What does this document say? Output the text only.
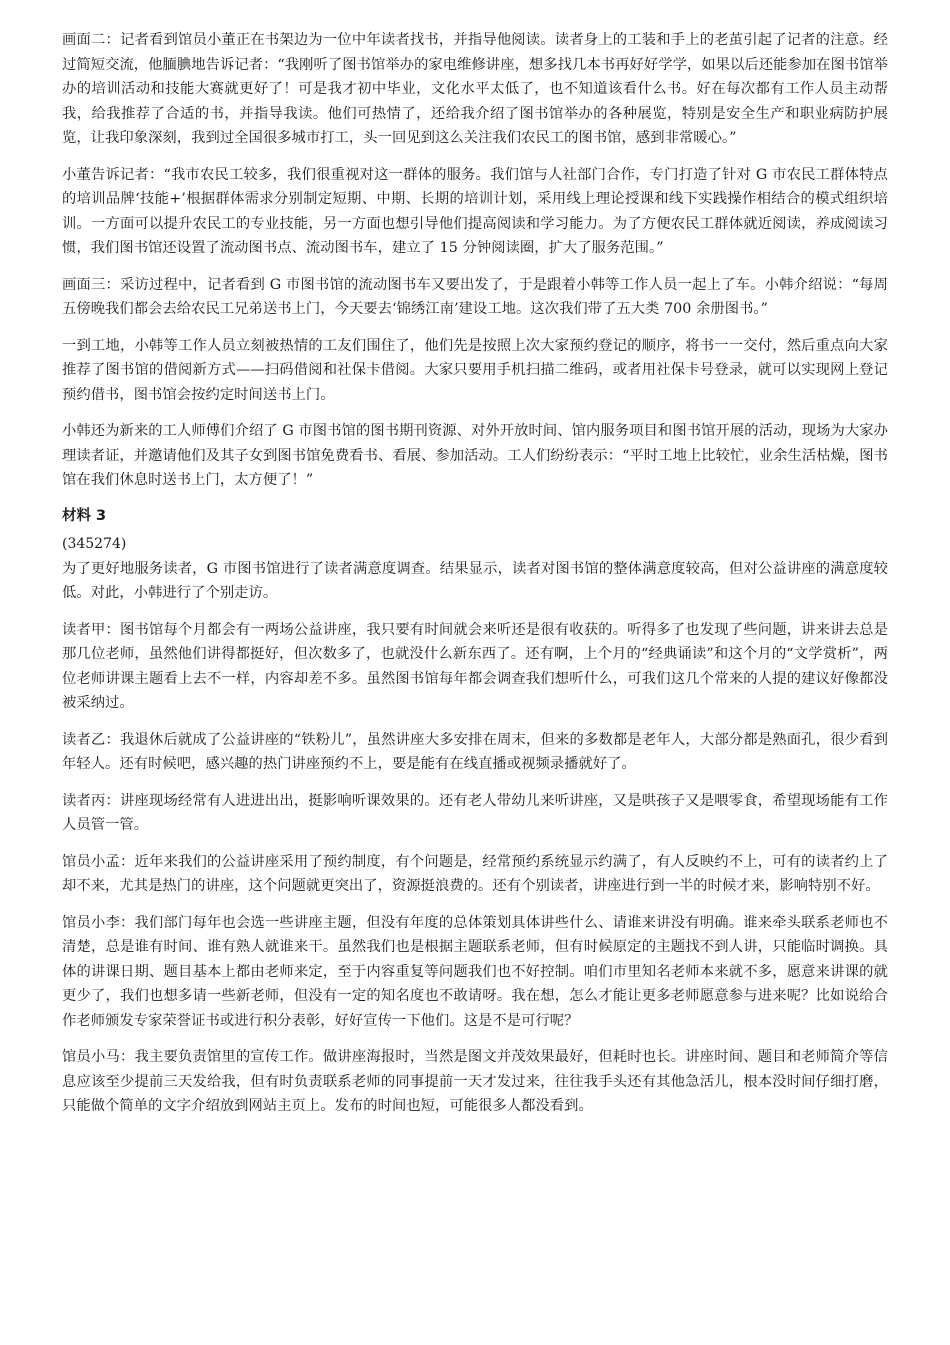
画面二：记者看到馆员小董正在书架边为一位中年读者找书，并指导他阅读。读者身上的工装和手上的老茧引起了记者的注意。经过简短交流，他腼腆地告诉记者：“我刚听了图书馆举办的家电维修讲座，想多找几本书再好好学学，如果以后还能参加在图书馆举办的培训活动和技能大赛就更好了！可是我才初中毕业，文化水平太低了，也不知道该看什么书。好在每次都有工作人员主动帮我，给我推荐了合适的书，并指导我读。他们可热情了，还给我介绍了图书馆举办的各种展览，特别是安全生产和职业病防护展览，让我印象深刻，我到过全国很多城市打工，头一回见到这么关注我们农民工的图书馆，感到非常暖心。”

小董告诉记者：“我市农民工较多，我们很重视对这一群体的服务。我们馆与人社部门合作，专门打造了针对 G 市农民工群体特点的培训品牌‘技能+’根据群体需求分别制定短期、中期、长期的培训计划，采用线上理论授课和线下实践操作相结合的模式组织培训。一方面可以提升农民工的专业技能，另一方面也想引导他们提高阅读和学习能力。为了方便农民工群体就近阅读，养成阅读习惯，我们图书馆还设置了流动图书点、流动图书车，建立了 15 分钟阅读圈，扩大了服务范围。”

画面三：采访过程中，记者看到 G 市图书馆的流动图书车又要出发了，于是跟着小韩等工作人员一起上了车。小韩介绍说：“每周五傍晚我们都会去给农民工兄弟送书上门，今天要去‘锦绣江南’建设工地。这次我们带了五大类 700 余册图书。”

一到工地，小韩等工作人员立刻被热情的工友们围住了，他们先是按照上次大家预约登记的顺序，将书一一交付，然后重点向大家推荐了图书馆的借阅新方式——扫码借阅和社保卡借阅。大家只要用手机扫描二维码，或者用社保卡号登录，就可以实现网上登记预约借书，图书馆会按约定时间送书上门。

小韩还为新来的工人师傅们介绍了 G 市图书馆的图书期刊资源、对外开放时间、馆内服务项目和图书馆开展的活动，现场为大家办理读者证，并邀请他们及其子女到图书馆免费看书、看展、参加活动。工人们纷纷表示：“平时工地上比较忙，业余生活枯燥，图书馆在我们休息时送书上门，太方便了！”

材料 3
(345274)

为了更好地服务读者，G 市图书馆进行了读者满意度调查。结果显示，读者对图书馆的整体满意度较高，但对公益讲座的满意度较低。对此，小韩进行了个别走访。

读者甲：图书馆每个月都会有一两场公益讲座，我只要有时间就会来听还是很有收获的。听得多了也发现了些问题，讲来讲去总是那几位老师，虽然他们讲得都挺好，但次数多了，也就没什么新东西了。还有啊，上个月的“经典诵读”和这个月的“文学赏析”，两位老师讲课主题看上去不一样，内容却差不多。虽然图书馆每年都会调查我们想听什么，可我们这几个常来的人提的建议好像都没被采纳过。

读者乙：我退休后就成了公益讲座的“铁粉儿”，虽然讲座大多安排在周末，但来的多数都是老年人，大部分都是熟面孔，很少看到年轻人。还有时候吧，感兴趣的热门讲座预约不上，要是能有在线直播或视频录播就好了。

读者丙：讲座现场经常有人进进出出，挺影响听课效果的。还有老人带幼儿来听讲座，又是哄孩子又是喂零食，希望现场能有工作人员管一管。

馆员小孟：近年来我们的公益讲座采用了预约制度，有个问题是，经常预约系统显示约满了，有人反映约不上，可有的读者约上了却不来，尤其是热门的讲座，这个问题就更突出了，资源挺浪费的。还有个别读者，讲座进行到一半的时候才来，影响特别不好。

馆员小李：我们部门每年也会选一些讲座主题，但没有年度的总体策划具体讲些什么、请谁来讲没有明确。谁来牵头联系老师也不清楚，总是谁有时间、谁有熟人就谁来干。虽然我们也是根据主题联系老师，但有时候原定的主题找不到人讲，只能临时调换。具体的讲课日期、题目基本上都由老师来定，至于内容重复等问题我们也不好控制。咱们市里知名老师本来就不多，愿意来讲课的就更少了，我们也想多请一些新老师，但没有一定的知名度也不敢请呀。我在想，怎么才能让更多老师愿意参与进来呢？比如说给合作老师颁发专家荣誉证书或进行积分表彰，好好宣传一下他们。这是不是可行呢？

馆员小马：我主要负责馆里的宣传工作。做讲座海报时，当然是图文并茂效果最好，但耗时也长。讲座时间、题目和老师简介等信息应该至少提前三天发给我，但有时负责联系老师的同事提前一天才发过来，往往我手头还有其他急活儿，根本没时间仔细打磨，只能做个简单的文字介绍放到网站主页上。发布的时间也短，可能很多人都没看到。
